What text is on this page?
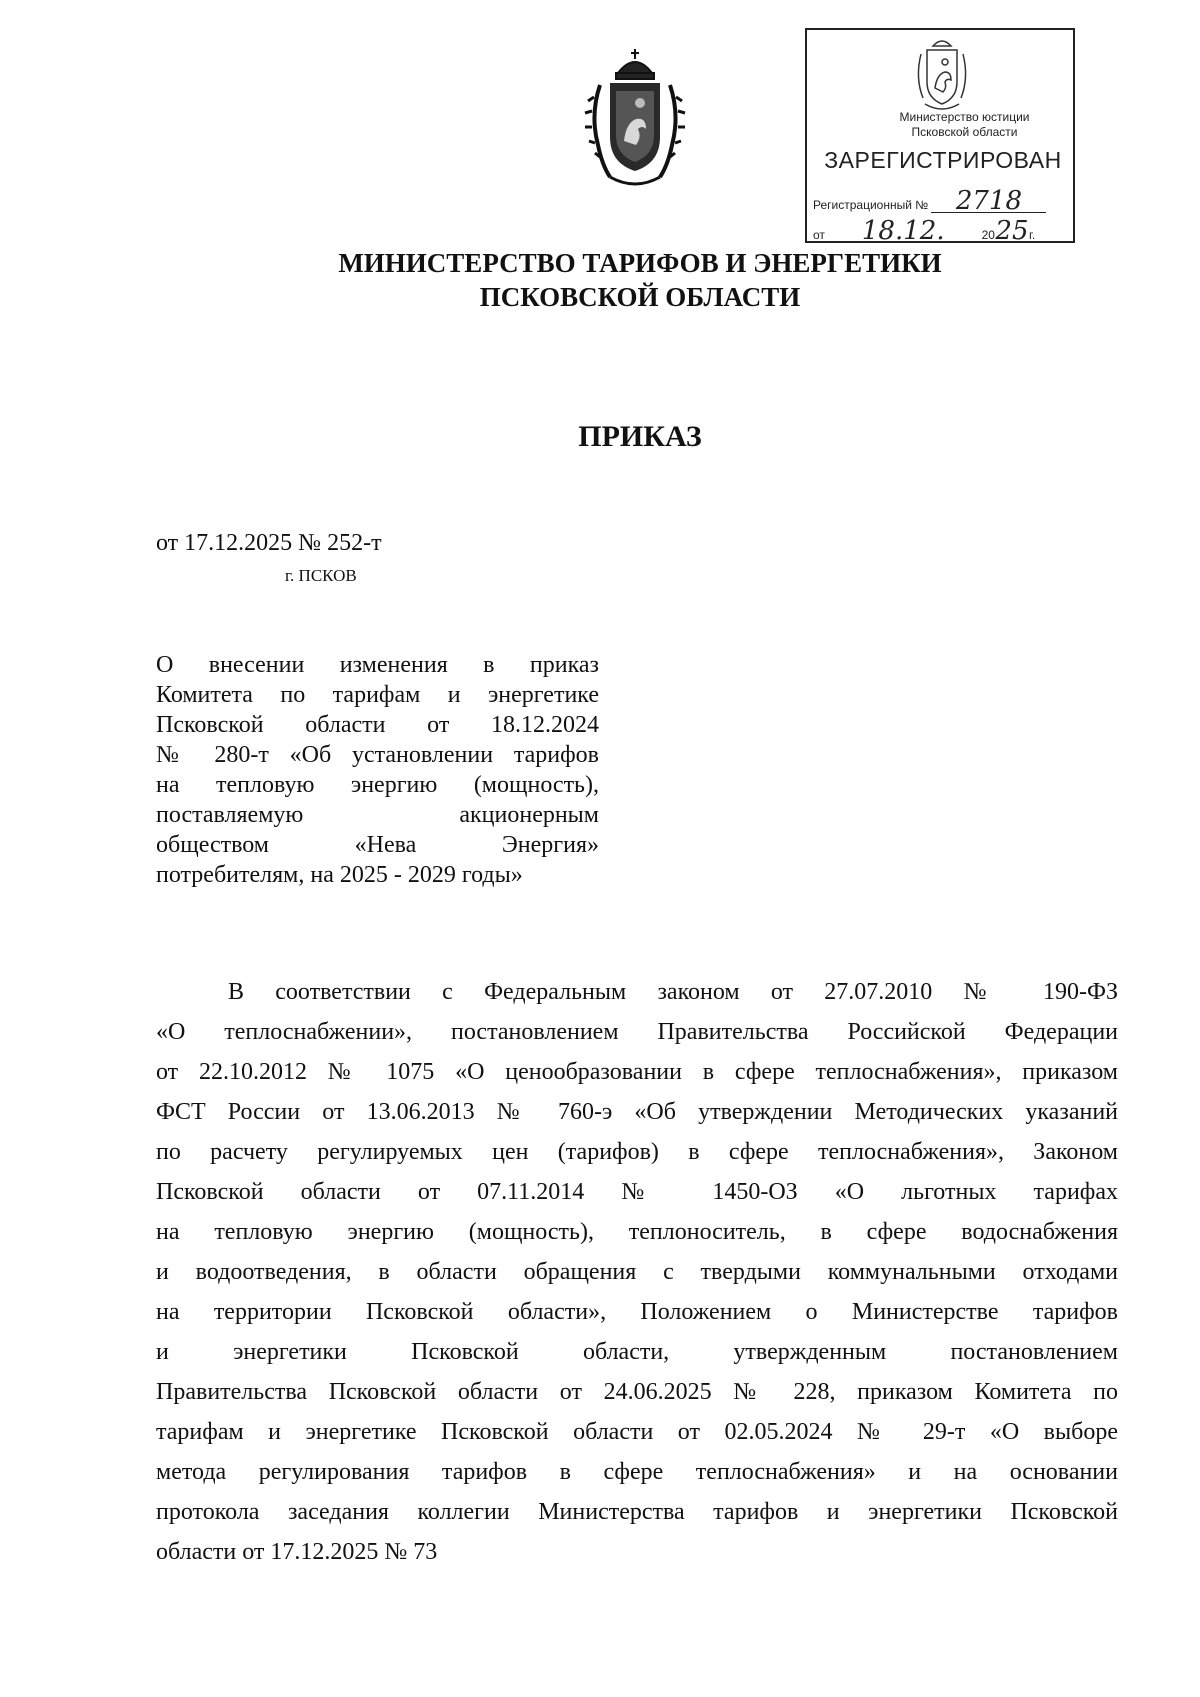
Министерство юстиции
Псковской области
ЗАРЕГИСТРИРОВАН
Регистрационный № 2718
от 18.12.	2025г.
МИНИСТЕРСТВО ТАРИФОВ И ЭНЕРГЕТИКИ
ПСКОВСКОЙ ОБЛАСТИ
ПРИКАЗ
от 17.12.2025 № 252-т
г. ПСКОВ
О внесении изменения в приказ
Комитета по тарифам и энергетике
Псковской области от 18.12.2024
№ 280-т «Об установлении тарифов
на тепловую энергию (мощность),
поставляемую акционерным
обществом «Нева Энергия»
потребителям, на 2025 - 2029 годы»
В соответствии с Федеральным законом от 27.07.2010 № 190-ФЗ
«О теплоснабжении», постановлением Правительства Российской Федерации
от 22.10.2012 № 1075 «О ценообразовании в сфере теплоснабжения», приказом
ФСТ России от 13.06.2013 № 760-э «Об утверждении Методических указаний
по расчету регулируемых цен (тарифов) в сфере теплоснабжения», Законом
Псковской области от 07.11.2014 № 1450-ОЗ «О льготных тарифах
на тепловую энергию (мощность), теплоноситель, в сфере водоснабжения
и водоотведения, в области обращения с твердыми коммунальными отходами
на территории Псковской области», Положением о Министерстве тарифов
и энергетики Псковской области, утвержденным постановлением
Правительства Псковской области от 24.06.2025 № 228, приказом Комитета по
тарифам и энергетике Псковской области от 02.05.2024 № 29-т «О выборе
метода регулирования тарифов в сфере теплоснабжения» и на основании
протокола заседания коллегии Министерства тарифов и энергетики Псковской
области от 17.12.2025 № 73
